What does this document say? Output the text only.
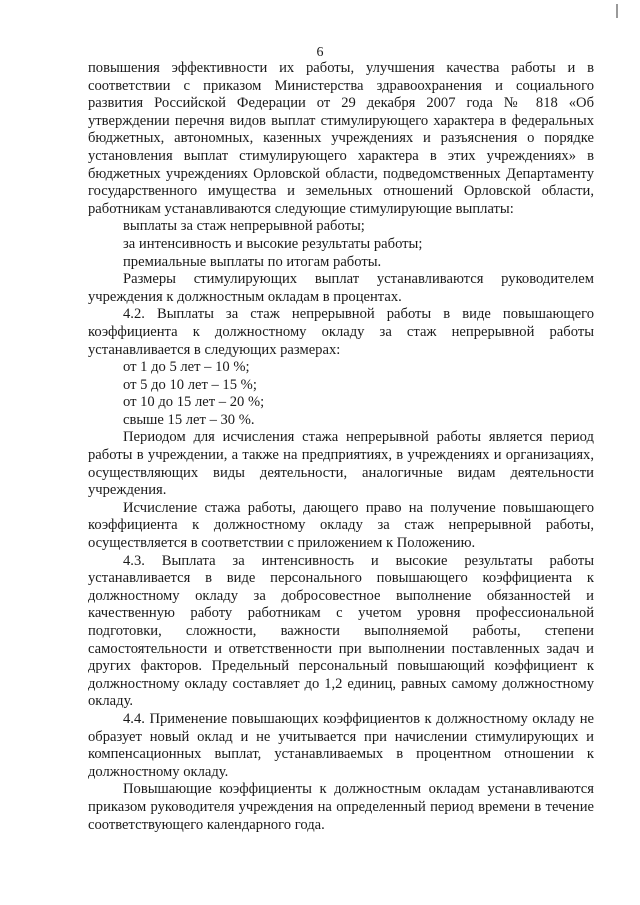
6

повышения эффективности их работы, улучшения качества работы и в соответствии с приказом Министерства здравоохранения и социального развития Российской Федерации от 29 декабря 2007 года № 818 «Об утверждении перечня видов выплат стимулирующего характера в федеральных бюджетных, автономных, казенных учреждениях и разъяснения о порядке установления выплат стимулирующего характера в этих учреждениях» в бюджетных учреждениях Орловской области, подведомственных Департаменту государственного имущества и земельных отношений Орловской области, работникам устанавливаются следующие стимулирующие выплаты:

выплаты за стаж непрерывной работы;

за интенсивность и высокие результаты работы;

премиальные выплаты по итогам работы.

Размеры стимулирующих выплат устанавливаются руководителем учреждения к должностным окладам в процентах.

4.2. Выплаты за стаж непрерывной работы в виде повышающего коэффициента к должностному окладу за стаж непрерывной работы устанавливается в следующих размерах:

от 1 до 5 лет – 10 %;

от 5 до 10 лет – 15 %;

от 10 до 15 лет – 20 %;

свыше 15 лет – 30 %.

Периодом для исчисления стажа непрерывной работы является период работы в учреждении, а также на предприятиях, в учреждениях и организациях, осуществляющих виды деятельности, аналогичные видам деятельности учреждения.

Исчисление стажа работы, дающего право на получение повышающего коэффициента к должностному окладу за стаж непрерывной работы, осуществляется в соответствии с приложением к Положению.

4.3. Выплата за интенсивность и высокие результаты работы устанавливается в виде персонального повышающего коэффициента к должностному окладу за добросовестное выполнение обязанностей и качественную работу работникам с учетом уровня профессиональной подготовки, сложности, важности выполняемой работы, степени самостоятельности и ответственности при выполнении поставленных задач и других факторов. Предельный персональный повышающий коэффициент к должностному окладу составляет до 1,2 единиц, равных самому должностному окладу.

4.4. Применение повышающих коэффициентов к должностному окладу не образует новый оклад и не учитывается при начислении стимулирующих и компенсационных выплат, устанавливаемых в процентном отношении к должностному окладу.

Повышающие коэффициенты к должностным окладам устанавливаются приказом руководителя учреждения на определенный период времени в течение соответствующего календарного года.
